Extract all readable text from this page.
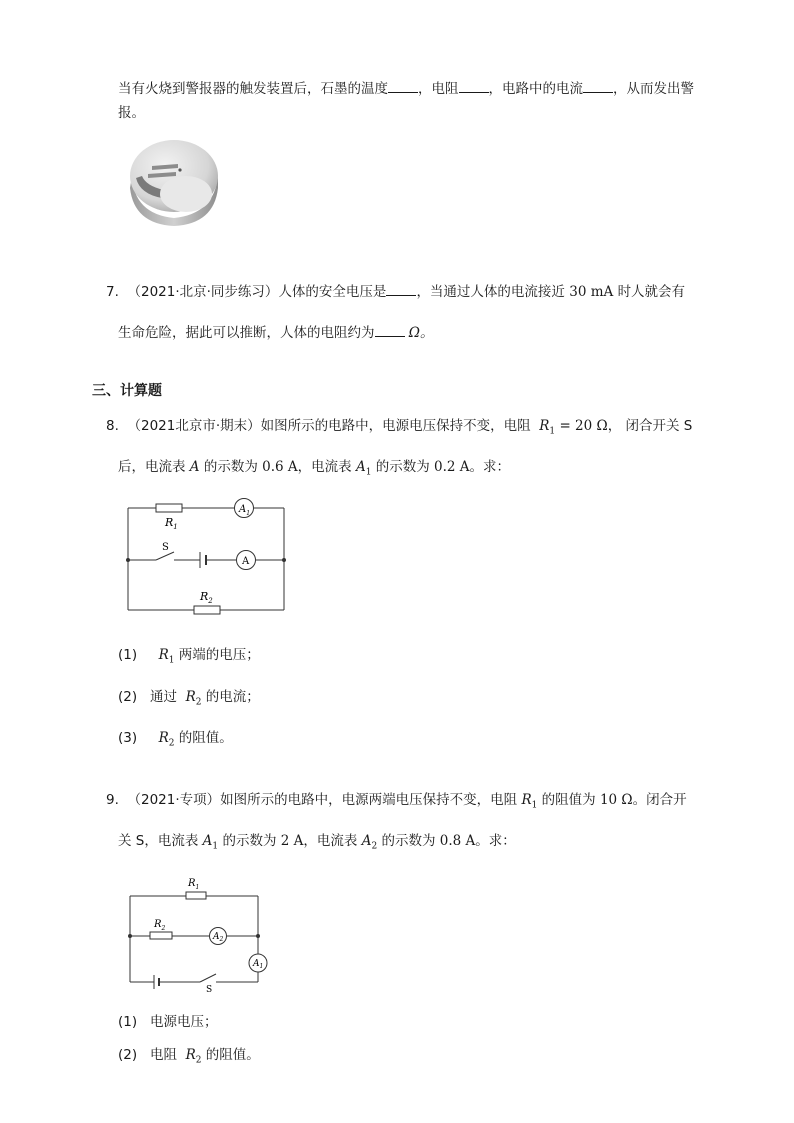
当有火烧到警报器的触发装置后，石墨的温度 ，电阻 ，电路中的电流 ，从而发出警
报。
7. （2021·北京·同步练习）人体的安全电压是 ，当通过人体的电流接近 30 mA 时人就会有
生命危险，据此可以推断，人体的电阻约为	Ω。
三、计算题
8. （2021北京市·期末）如图所示的电路中，电源电压保持不变，电阻 $R_1 = 20$ Ω， 闭合开关 S
后，电流表 A 的示数为 0.6 A，电流表 $A_1$ 的示数为 0.2 A。求：
$R_1$
$A_1$
S
A
$R_2$
(1) $R_1$ 两端的电压；
(2) 通过 $R_2$ 的电流；
(3) $R_2$ 的阻值。
9. （2021·专项）如图所示的电路中，电源两端电压保持不变，电阻 $R_1$ 的阻值为 10 Ω。闭合开
关 S，电流表 $A_1$ 的示数为 2 A，电流表 $A_2$ 的示数为 0.8 A。求：
$R_1$
$R_2$
$A_2$
$A_1$
S
(1) 电源电压；
(2) 电阻 $R_2$ 的阻值。
